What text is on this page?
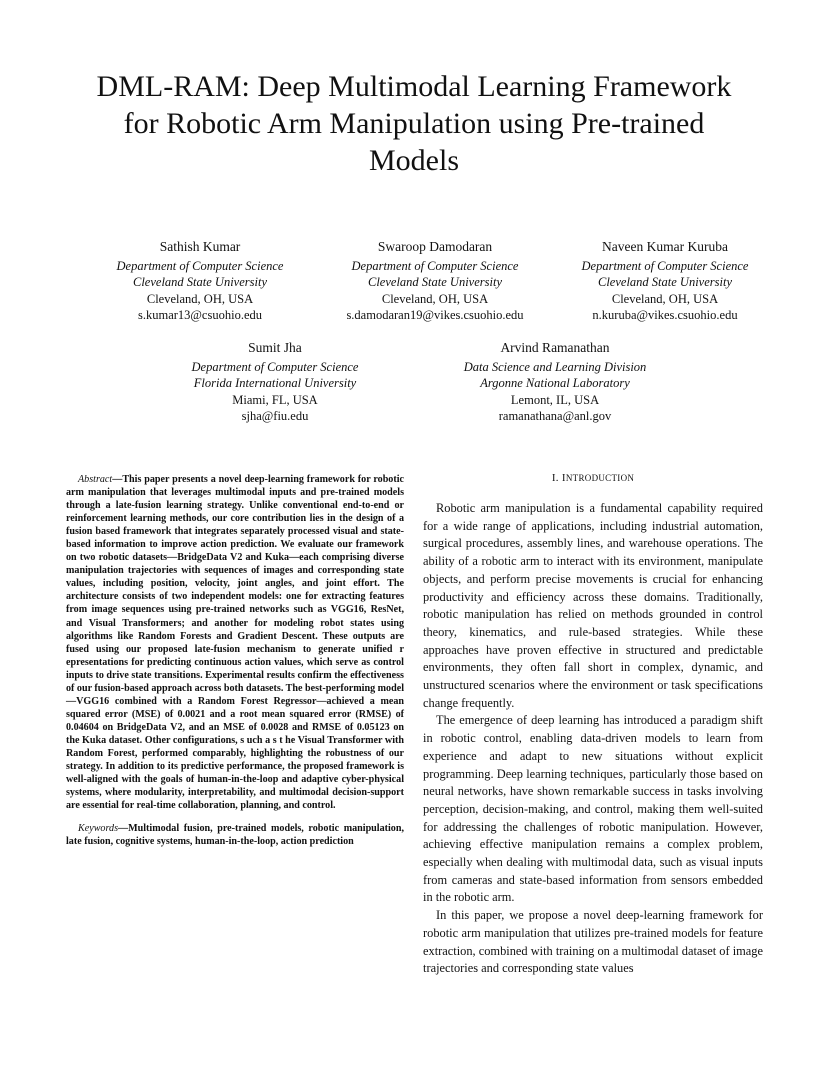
DML-RAM: Deep Multimodal Learning Framework
for Robotic Arm Manipulation using Pre-trained
Models
Sathish Kumar
Department of Computer Science
Cleveland State University
Cleveland, OH, USA
s.kumar13@csuohio.edu
Swaroop Damodaran
Department of Computer Science
Cleveland State University
Cleveland, OH, USA
s.damodaran19@vikes.csuohio.edu
Naveen Kumar Kuruba
Department of Computer Science
Cleveland State University
Cleveland, OH, USA
n.kuruba@vikes.csuohio.edu
Sumit Jha
Department of Computer Science
Florida International University
Miami, FL, USA
sjha@fiu.edu
Arvind Ramanathan
Data Science and Learning Division
Argonne National Laboratory
Lemont, IL, USA
ramanathana@anl.gov

Abstract—This paper presents a novel deep-learning framework for robotic arm manipulation that leverages multimodal inputs and pre-trained models through a late-fusion learning strategy. Unlike conventional end-to-end or reinforcement learning methods, our core contribution lies in the design of a fusion based framework that integrates separately processed visual and state-based information to improve action prediction. We evaluate our framework on two robotic datasets—BridgeData V2 and Kuka—each comprising diverse manipulation trajectories with sequences of images and corresponding state values, including position, velocity, joint angles, and joint effort. The architecture consists of two independent models: one for extracting features from image sequences using pre-trained networks such as VGG16, ResNet, and Visual Transformers; and another for modeling robot states using algorithms like Random Forests and Gradient Descent. These outputs are fused using our proposed late-fusion mechanism to generate unified r epresentations for predicting continuous action values, which serve as control inputs to drive state transitions. Experimental results confirm the effectiveness of our fusion-based approach across both datasets. The best-performing model—VGG16 combined with a Random Forest Regressor—achieved a mean squared error (MSE) of 0.0021 and a root mean squared error (RMSE) of 0.04604 on BridgeData V2, and an MSE of 0.0028 and RMSE of 0.05123 on the Kuka dataset. Other configurations, s uch a s t he Visual Transformer with Random Forest, performed comparably, highlighting the robustness of our strategy. In addition to its predictive performance, the proposed framework is well-aligned with the goals of human-in-the-loop and adaptive cyber-physical systems, where modularity, interpretability, and multimodal decision-support are essential for real-time collaboration, planning, and control.

Keywords—Multimodal fusion, pre-trained models, robotic manipulation, late fusion, cognitive systems, human-in-the-loop, action prediction

I. INTRODUCTION

Robotic arm manipulation is a fundamental capability required for a wide range of applications, including industrial automation, surgical procedures, assembly lines, and warehouse operations. The ability of a robotic arm to interact with its environment, manipulate objects, and perform precise movements is crucial for enhancing productivity and efficiency across these domains. Traditionally, robotic manipulation has relied on methods grounded in control theory, kinematics, and rule-based strategies. While these approaches have proven effective in structured and predictable environments, they often fall short in complex, dynamic, and unstructured scenarios where the environment or task specifications change frequently.

The emergence of deep learning has introduced a paradigm shift in robotic control, enabling data-driven models to learn from experience and adapt to new situations without explicit programming. Deep learning techniques, particularly those based on neural networks, have shown remarkable success in tasks involving perception, decision-making, and control, making them well-suited for addressing the challenges of robotic manipulation. However, achieving effective manipulation remains a complex problem, especially when dealing with multimodal data, such as visual inputs from cameras and state-based information from sensors embedded in the robotic arm.

In this paper, we propose a novel deep-learning framework for robotic arm manipulation that utilizes pre-trained models for feature extraction, combined with training on a multimodal dataset of image trajectories and corresponding state values
